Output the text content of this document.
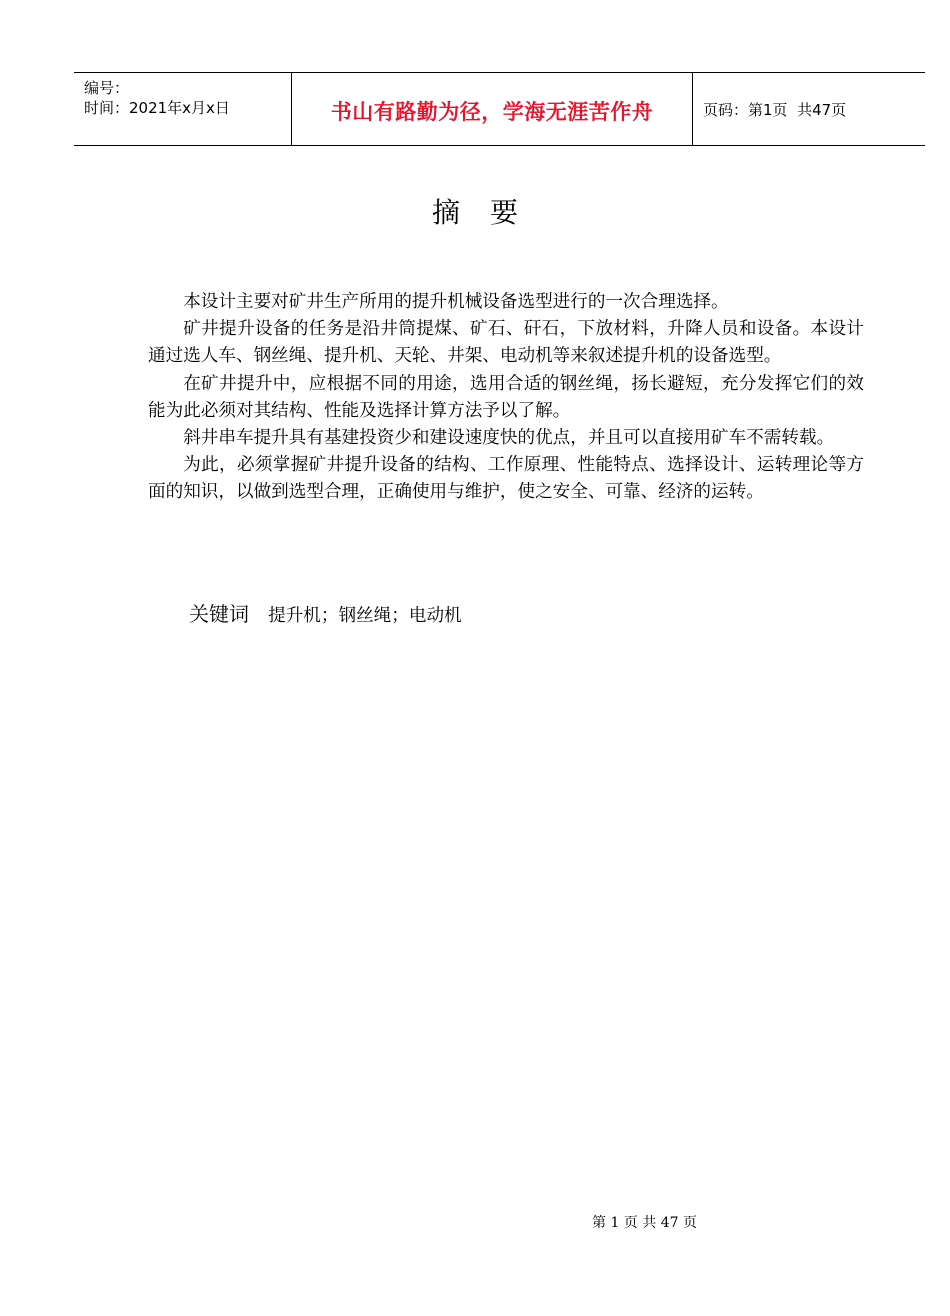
编号：
时间：2021年x月x日	书山有路勤为径，学海无涯苦作舟	页码：第1页  共47页
摘要

本设计主要对矿井生产所用的提升机械设备选型进行的一次合理选择。

矿井提升设备的任务是沿井筒提煤、矿石、矸石，下放材料，升降人员和设备。本设计通过选人车、钢丝绳、提升机、天轮、井架、电动机等来叙述提升机的设备选型。

在矿井提升中，应根据不同的用途，选用合适的钢丝绳，扬长避短，充分发挥它们的效能为此必须对其结构、性能及选择计算方法予以了解。

斜井串车提升具有基建投资少和建设速度快的优点，并且可以直接用矿车不需转载。

为此，必须掌握矿井提升设备的结构、工作原理、性能特点、选择设计、运转理论等方面的知识，以做到选型合理，正确使用与维护，使之安全、可靠、经济的运转。

关键词 提升机；钢丝绳；电动机
第 1 页 共 47 页
